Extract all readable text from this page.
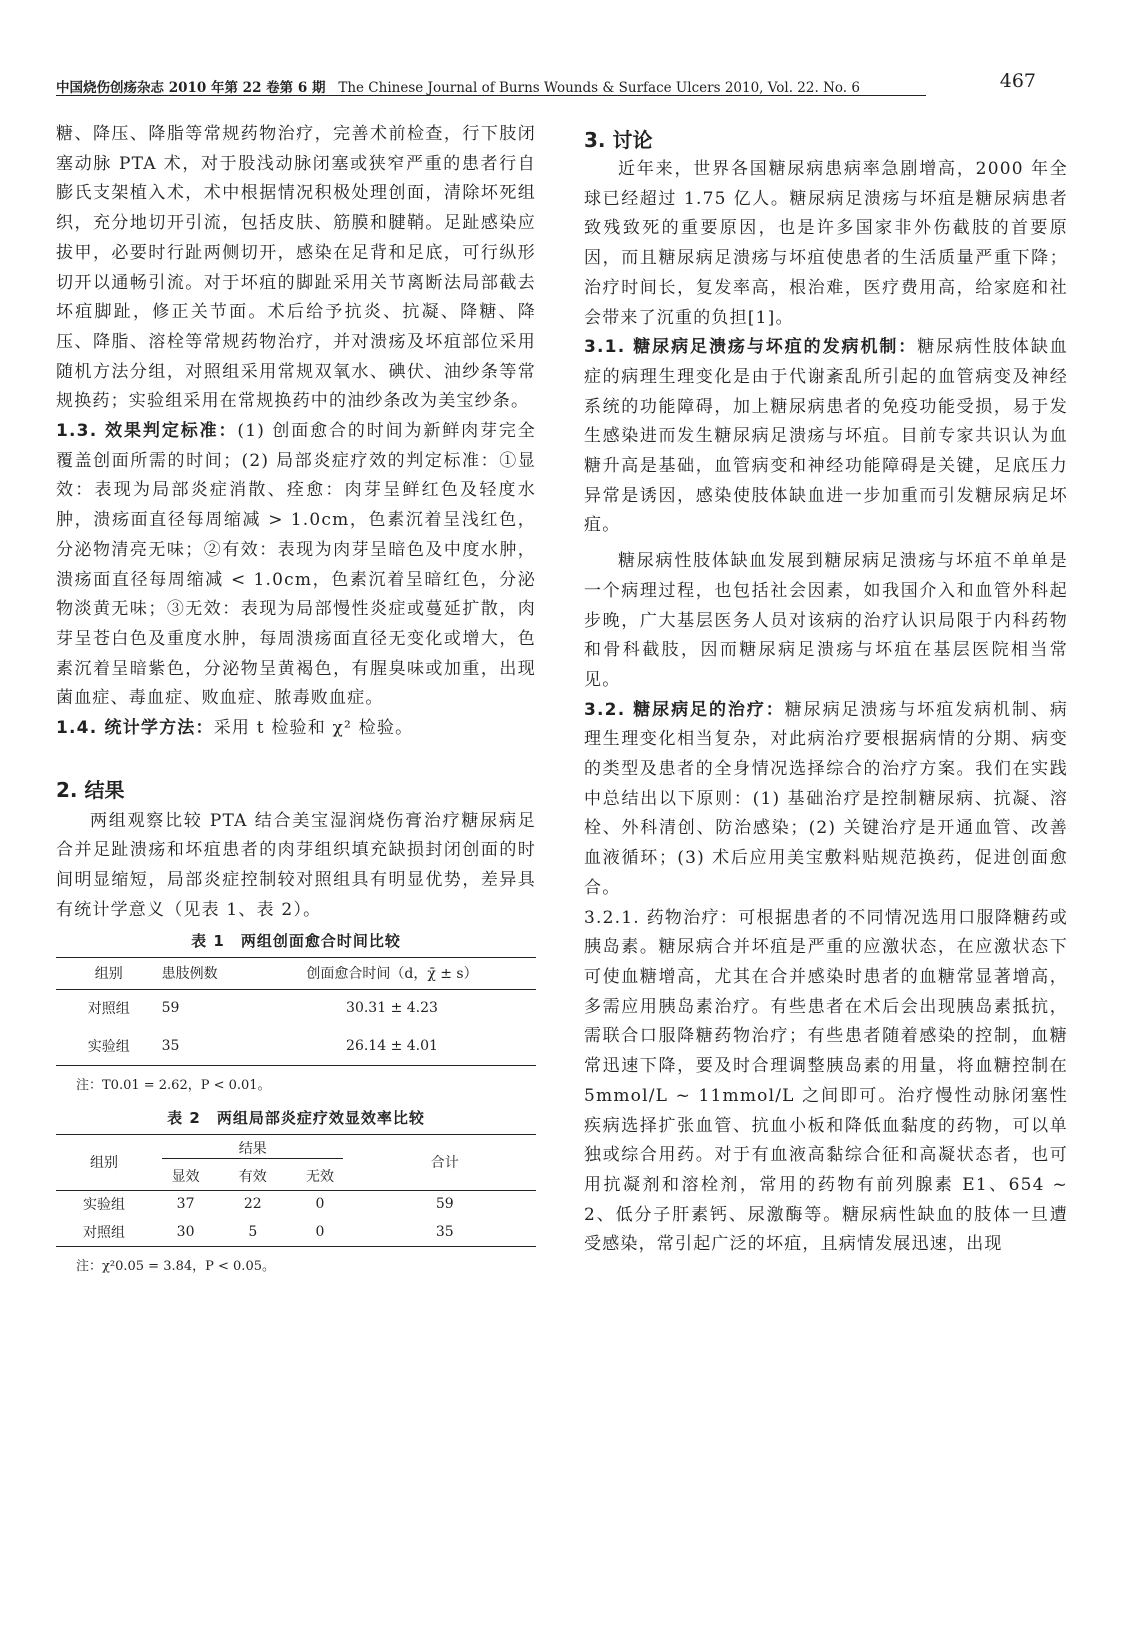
中国烧伤创疡杂志 2010 年第 22 卷第 6 期 The Chinese Journal of Burns Wounds & Surface Ulcers 2010, Vol. 22. No. 6	467

糖、降压、降脂等常规药物治疗，完善术前检查，行下肢闭塞动脉 PTA 术，对于股浅动脉闭塞或狭窄严重的患者行自膨氏支架植入术，术中根据情况积极处理创面，清除坏死组织，充分地切开引流，包括皮肤、筋膜和腱鞘。足趾感染应拔甲，必要时行趾两侧切开，感染在足背和足底，可行纵形切开以通畅引流。对于坏疽的脚趾采用关节离断法局部截去坏疽脚趾，修正关节面。术后给予抗炎、抗凝、降糖、降压、降脂、溶栓等常规药物治疗，并对溃疡及坏疽部位采用随机方法分组，对照组采用常规双氧水、碘伏、油纱条等常规换药；实验组采用在常规换药中的油纱条改为美宝纱条。

1.3. 效果判定标准：(1) 创面愈合的时间为新鲜肉芽完全覆盖创面所需的时间；(2) 局部炎症疗效的判定标准：①显效：表现为局部炎症消散、痊愈：肉芽呈鲜红色及轻度水肿，溃疡面直径每周缩减 > 1.0cm，色素沉着呈浅红色，分泌物清亮无味；②有效：表现为肉芽呈暗色及中度水肿，溃疡面直径每周缩减 < 1.0cm，色素沉着呈暗红色，分泌物淡黄无味；③无效：表现为局部慢性炎症或蔓延扩散，肉芽呈苍白色及重度水肿，每周溃疡面直径无变化或增大，色素沉着呈暗紫色，分泌物呈黄褐色，有腥臭味或加重，出现菌血症、毒血症、败血症、脓毒败血症。

1.4. 统计学方法：采用 t 检验和 χ² 检验。

2. 结果

两组观察比较 PTA 结合美宝湿润烧伤膏治疗糖尿病足合并足趾溃疡和坏疽患者的肉芽组织填充缺损封闭创面的时间明显缩短，局部炎症控制较对照组具有明显优势，差异具有统计学意义（见表 1、表 2）。

表 1　两组创面愈合时间比较
组别	患肢例数	创面愈合时间（d，χ̄ ± s）
对照组	59	30.31 ± 4.23
实验组	35	26.14 ± 4.01
注：T0.01 = 2.62，P < 0.01。
表 2　两组局部炎症疗效显效率比较
组别	结果			合计
	显效	有效	无效	
实验组	37	22	0	59
对照组	30	5	0	35
注：χ²0.05 = 3.84，P < 0.05。
3. 讨论

近年来，世界各国糖尿病患病率急剧增高，2000 年全球已经超过 1.75 亿人。糖尿病足溃疡与坏疽是糖尿病患者致残致死的重要原因，也是许多国家非外伤截肢的首要原因，而且糖尿病足溃疡与坏疽使患者的生活质量严重下降；治疗时间长，复发率高，根治难，医疗费用高，给家庭和社会带来了沉重的负担[1]。

3.1. 糖尿病足溃疡与坏疽的发病机制：糖尿病性肢体缺血症的病理生理变化是由于代谢紊乱所引起的血管病变及神经系统的功能障碍，加上糖尿病患者的免疫功能受损，易于发生感染进而发生糖尿病足溃疡与坏疽。目前专家共识认为血糖升高是基础，血管病变和神经功能障碍是关键，足底压力异常是诱因，感染使肢体缺血进一步加重而引发糖尿病足坏疽。

糖尿病性肢体缺血发展到糖尿病足溃疡与坏疽不单单是一个病理过程，也包括社会因素，如我国介入和血管外科起步晚，广大基层医务人员对该病的治疗认识局限于内科药物和骨科截肢，因而糖尿病足溃疡与坏疽在基层医院相当常见。

3.2. 糖尿病足的治疗：糖尿病足溃疡与坏疽发病机制、病理生理变化相当复杂，对此病治疗要根据病情的分期、病变的类型及患者的全身情况选择综合的治疗方案。我们在实践中总结出以下原则：(1) 基础治疗是控制糖尿病、抗凝、溶栓、外科清创、防治感染；(2) 关键治疗是开通血管、改善血液循环；(3) 术后应用美宝敷料贴规范换药，促进创面愈合。

3.2.1. 药物治疗：可根据患者的不同情况选用口服降糖药或胰岛素。糖尿病合并坏疽是严重的应激状态，在应激状态下可使血糖增高，尤其在合并感染时患者的血糖常显著增高，多需应用胰岛素治疗。有些患者在术后会出现胰岛素抵抗，需联合口服降糖药物治疗；有些患者随着感染的控制，血糖常迅速下降，要及时合理调整胰岛素的用量，将血糖控制在 5mmol/L ~ 11mmol/L 之间即可。治疗慢性动脉闭塞性疾病选择扩张血管、抗血小板和降低血黏度的药物，可以单独或综合用药。对于有血液高黏综合征和高凝状态者，也可用抗凝剂和溶栓剂，常用的药物有前列腺素 E1、654 ~ 2、低分子肝素钙、尿激酶等。糖尿病性缺血的肢体一旦遭受感染，常引起广泛的坏疽，且病情发展迅速，出现
